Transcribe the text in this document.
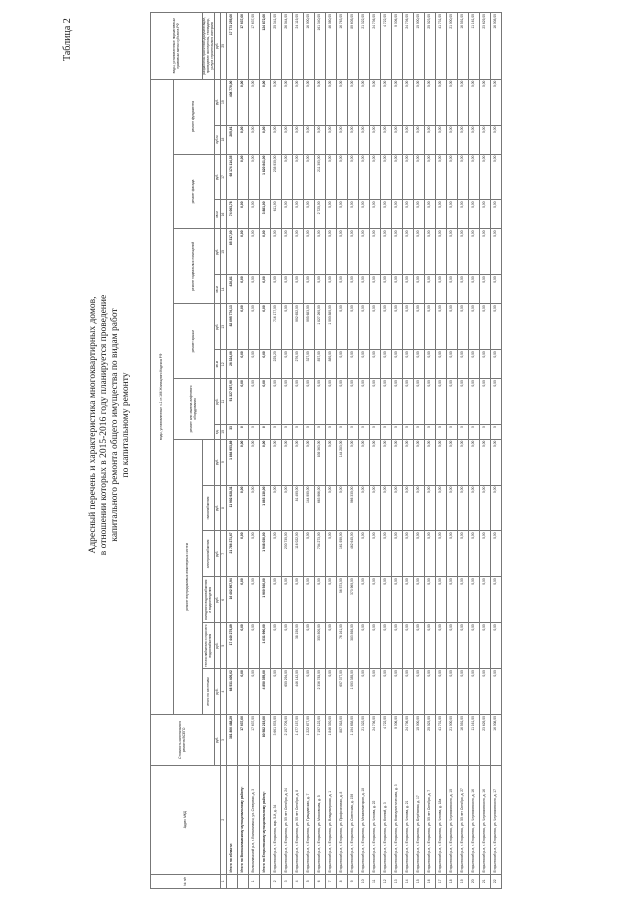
Таблица 2
Адресный перечень и характеристика многоквартирных домов, в отношении которых в 2015-2016 году планируется проведение капитального ремонта общего имущества по видам работ по капитальному ремонту
№ п/п	Адрес МКД	Стоимость капитального ремонта ВСЕГО	виды, установленные ч.1 ст.166 Жилищного Кодекса РФ																виды, установленные нормативным правовым актом субъекта РФ
			ремонт внутридомовых инженерных систем						ремонт или замена лифтового оборудования		ремонт крыши		ремонт подвальных помещений		ремонт фасада		ремонт фундамента		
			итого по системам	теплоснабжения и горячего водоснабжения	холодного водоснабжения и водоотведения	электроснабжения	газоснабжения												разработка проектной документации, проведение экспертизы, технадзор, услуги строительного контроля
		руб.	руб.	руб.	руб.	руб.	руб.	руб.	ед.	руб.	кв.м	руб.	кв.м	руб.	кв.м	руб.	куб.м	руб.	руб.
1	2	3	4	5	6	7	8	9	10	11	12	13	14	15	16	17	18	19	20
	Итого по области:	381 800 488,29	68 531 405,02	17 440 275,89	16 402 957,94	21 786 271,67	11 902 928,31	1 864 953,89	33	51 327 397,90	26 324,06	82 095 776,13	420,81	85 317,00	74 063,78	68 174 114,35	205,61	408 770,00	17 773 255,00
	Итого по Волоколамскому муниципальному району:	17 637,00	0,00	0,00	0,00	0,00	0,00	0,00	0	0,00	0,00	0,00	0,00	0,00	0,00	0,00	0,00	0,00	17 637,00
1	Волоколамский р-н, г. Волоколамск, ул. Северная, д. 3	17 637,00	0,00	0,00	0,00	0,00	0,00	0,00	0	0,00	0,00	0,00	0,00	0,00	0,00	0,00	0,00	0,00	17 637,00
	Итого по Егорьевскому муниципальному району:	80 582 215,00	4 850 355,00	1 031 990,00	1 900 540,00	1 948 030,00	1 863 130,00	0,00	0	0,00	0,00	0,00	0,00	0,00	3 881,00	1 820 841,00	0,00	0,00	124 872,00
2	Егорьевский р-н, г. Егорьевск, мкр. 5-й, д. 34	3 661 978,00	0,00	0,00	0,00	0,00	0,00	0,00	0	0,00	225,20	716 177,00	0,00	0,00	611,90	238 930,00	0,00	0,00	20 341,00
3	Егорьевский р-н, г. Егорьевск, ул. 50 лет Октября, д. 24	2 107 709,00	650 294,00	0,00	0,00	230 730,00	0,00	0,00	0	0,00	0,00	0,00	0,00	0,00	0,00	0,00	0,00	0,00	26 044,00
4	Егорьевский р-н, г. Егорьевск, ул. 50 лет Октября, д. 8	1 477 157,00	446 142,00	38 150,00	0,00	116 022,00	81 490,00	0,00	0	0,00	276,00	992 652,00	0,00	0,00	0,00	0,00	0,00	0,00	24 119,00
5	Егорьевский р-н, г. Егорьевск, ул. Гражданская, д. 7	1 222 677,00	0,00	0,00	0,00	0,00	144 990,00	0,00	0	0,00	327,00	995 683,00	0,00	0,00	0,00	0,00	0,00	0,00	16 000,00
6	Егорьевский р-н, г. Егорьевск, ул. Московская, д. 5	7 197 122,00	2 336 783,00	353 800,00	0,00	704 273,00	663 966,00	839 363,00	0	0,00	857,00	1 827 260,00	0,00	0,00	2 725,00	211 393,00	0,00	0,00	161 340,00
7	Егорьевский р-н, г. Егорьевск, ул. Владимирская, д. 1	1 846 330,00	0,00	0,00	0,00	0,00	0,00	0,00	0	0,00	880,00	1 090 880,00	0,00	0,00	0,00	0,00	0,00	0,00	46 080,00
8	Егорьевский р-н, г. Егорьевск, ул. Профсоюзная, д. 8	887 018,00	607 377,00	76 161,00	56 573,00	161 959,00	0,00	144 283,00	0	0,00	0,00	0,00	0,00	0,00	0,00	0,00	0,00	0,00	16 763,00
9	Егорьевский р-н, г. Егорьевск, ул. Советская, д. 159	1 194 658,00	1 093 385,00	383 898,00	373 969,00	462 645,00	966 330,00	0,00	0	0,00	0,00	0,00	0,00	0,00	0,00	0,00	0,00	0,00	89 605,00
10	Егорьевский р-н, г. Егорьевск, ул. Механизаторов, д. 18	21 322,00	0,00	0,00	0,00	0,00	0,00	0,00	0	0,00	0,00	0,00	0,00	0,00	0,00	0,00	0,00	0,00	21 322,00
11	Егорьевский р-н, г. Егорьевск, ул. Чехова, д. 22	24 736,00	0,00	0,00	0,00	0,00	0,00	0,00	0	0,00	0,00	0,00	0,00	0,00	0,00	0,00	0,00	0,00	24 736,00
12	Егорьевский р-н, г. Егорьевск, ул. Конной, д. 3	4 722,00	0,00	0,00	0,00	0,00	0,00	0,00	0	0,00	0,00	0,00	0,00	0,00	0,00	0,00	0,00	0,00	4 722,00
13	Егорьевский р-н, г. Егорьевск, ул. Коммунистическая, д. 3	9 306,00	0,00	0,00	0,00	0,00	0,00	0,00	0	0,00	0,00	0,00	0,00	0,00	0,00	0,00	0,00	0,00	9 306,00
14	Егорьевский р-н, г. Егорьевск, ул. Чехова, д. 21	24 736,00	0,00	0,00	0,00	0,00	0,00	0,00	0	0,00	0,00	0,00	0,00	0,00	0,00	0,00	0,00	0,00	24 736,00
15	Егорьевский р-н, г. Егорьевск, ул. Берёзовая, д. 17	10 000,00	0,00	0,00	0,00	0,00	0,00	0,00	0	0,00	0,00	0,00	0,00	0,00	0,00	0,00	0,00	0,00	10 000,00
16	Егорьевский р-н, г. Егорьевск, ул. 50 лет Октября, д. 7	20 023,00	0,00	0,00	0,00	0,00	0,00	0,00	0	0,00	0,00	0,00	0,00	0,00	0,00	0,00	0,00	0,00	20 023,00
17	Егорьевский р-н, г. Егорьевск, ул. Чехова, д. 18а	41 731,00	0,00	0,00	0,00	0,00	0,00	0,00	0	0,00	0,00	0,00	0,00	0,00	0,00	0,00	0,00	0,00	41 731,00
18	Егорьевский р-н, г. Егорьевск, ул. Черняховского, д. 10	21 000,00	0,00	0,00	0,00	0,00	0,00	0,00	0	0,00	0,00	0,00	0,00	0,00	0,00	0,00	0,00	0,00	21 000,00
19	Егорьевский р-н, г. Егорьевск, ул. 50 лет Октября, д. 27	16 591,00	0,00	0,00	0,00	0,00	0,00	0,00	0	0,00	0,00	0,00	0,00	0,00	0,00	0,00	0,00	0,00	16 591,00
20	Егорьевский р-н, г. Егорьевск, ул. Черняховского, д. 16	11 161,00	0,00	0,00	0,00	0,00	0,00	0,00	0	0,00	0,00	0,00	0,00	0,00	0,00	0,00	0,00	0,00	11 161,00
21	Егорьевский р-н, г. Егорьевск, ул. Черняховского, д. 16	23 629,00	0,00	0,00	0,00	0,00	0,00	0,00	0	0,00	0,00	0,00	0,00	0,00	0,00	0,00	0,00	0,00	23 629,00
22	Егорьевский р-н, г. Егорьевск, ул. Черняховского, д. 17	16 008,00	0,00	0,00	0,00	0,00	0,00	0,00	0	0,00	0,00	0,00	0,00	0,00	0,00	0,00	0,00	0,00	16 008,00
